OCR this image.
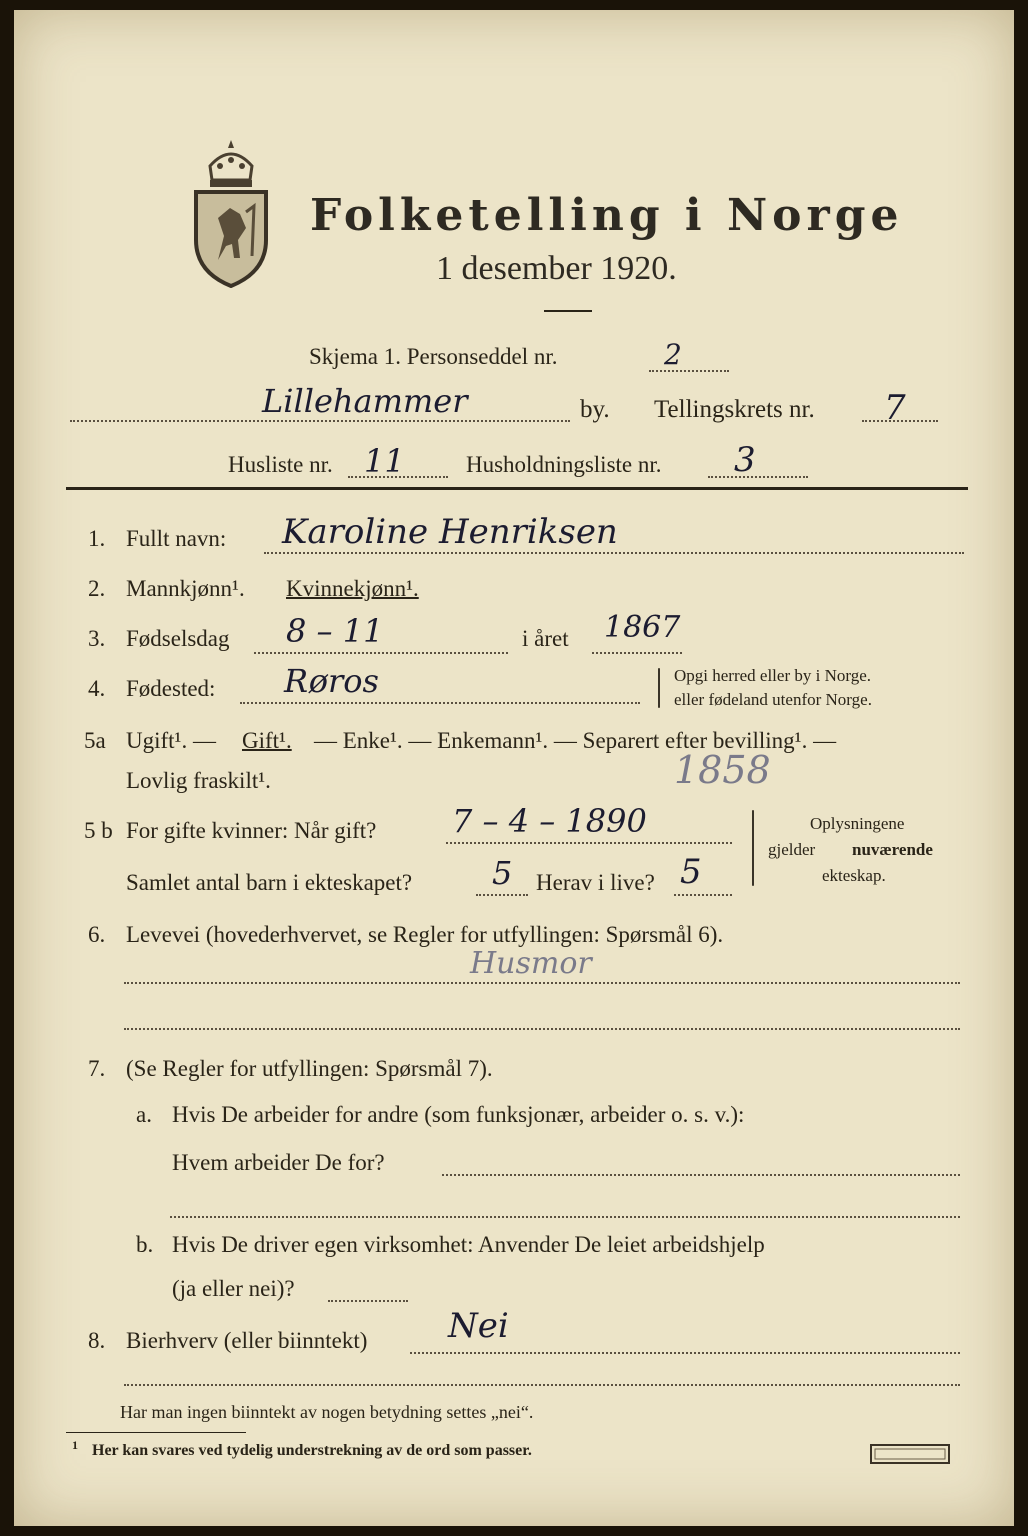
Folketelling i Norge
1 desember 1920.
Skjema 1. Personseddel nr.	2
Lillehammer	by. Tellingskrets nr. 7
Husliste nr. 11	Husholdningsliste nr. 3
1. Fullt navn: Karoline Henriksen
2. Mannkjønn¹. Kvinnekjønn¹.
3. Fødselsdag 8 – 11	i året 1867
4. Fødested: Røros	Opgi herred eller by i Norge.
eller fødeland utenfor Norge.
5a Ugift¹. — Gift¹. — Enke¹. — Enkemann¹. — Separert efter bevilling¹. —
Lovlig fraskilt¹.	1858
5 b For gifte kvinner: Når gift? 7 – 4 – 1890
Samlet antal barn i ekteskapet? 5 Herav i live? 5
Oplysningene
gjelder nuværende
ekteskap.
6. Levevei (hovederhvervet, se Regler for utfyllingen: Spørsmål 6).
Husmor
7. (Se Regler for utfyllingen: Spørsmål 7).
a. Hvis De arbeider for andre (som funksjonær, arbeider o. s. v.):
Hvem arbeider De for?
b. Hvis De driver egen virksomhet: Anvender De leiet arbeidshjelp
(ja eller nei)?
8. Bierhverv (eller biinntekt) Nei
Har man ingen biinntekt av nogen betydning settes „nei“.
1 Her kan svares ved tydelig understrekning av de ord som passer.
